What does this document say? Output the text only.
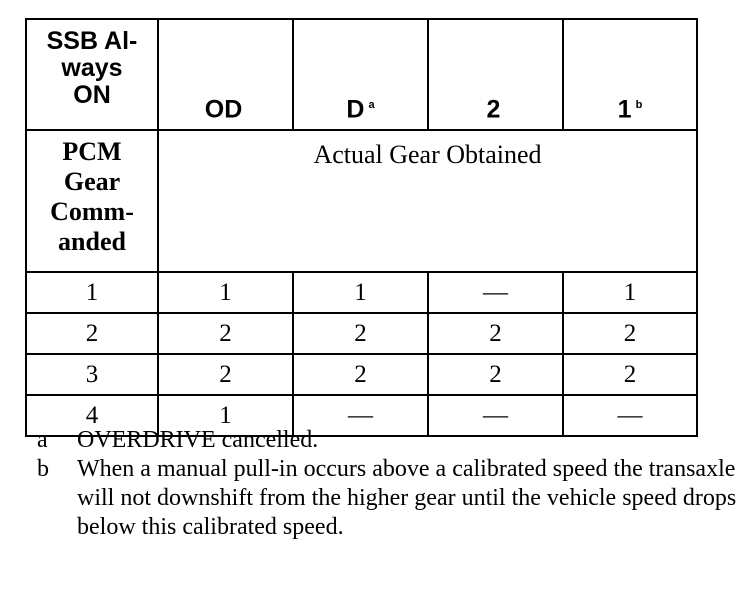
SSB Al-
ways
ON	OD	D $^a$	2	1 $^b$
PCM
Gear
Comm-
anded	Actual Gear Obtained			
1	1	1	—	1
2	2	2	2	2
3	2	2	2	2
4	1	—	—	—
a	OVERDRIVE cancelled.
b	When a manual pull-in occurs above a calibrated speed the transaxle will not downshift from the higher gear until the vehicle speed drops below this calibrated speed.
